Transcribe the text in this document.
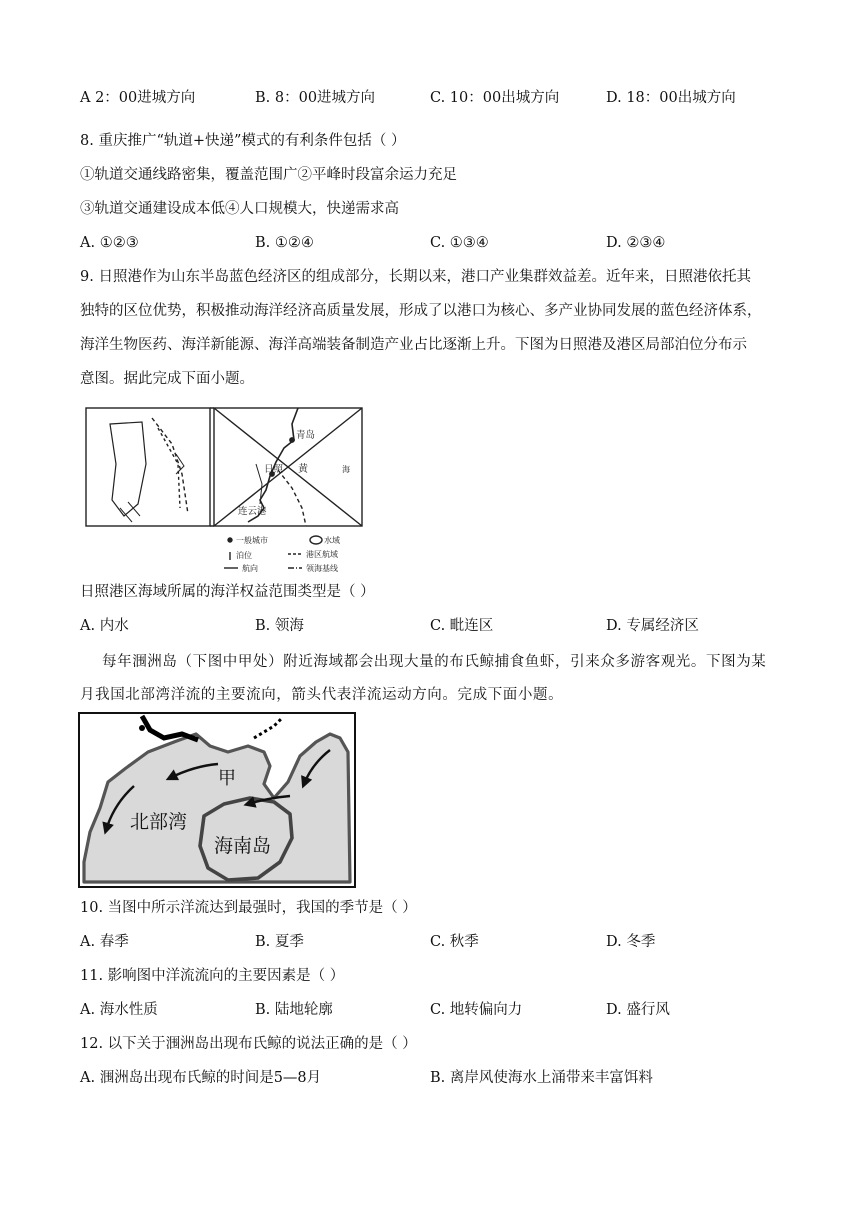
A 2：00进城方向	B. 8：00进城方向	C. 10：00出城方向	D. 18：00出城方向
8. 重庆推广“轨道+快递”模式的有利条件包括（ ）
①轨道交通线路密集，覆盖范围广②平峰时段富余运力充足
③轨道交通建设成本低④人口规模大，快递需求高
A. ①②③	B. ①②④	C. ①③④	D. ②③④
9. 日照港作为山东半岛蓝色经济区的组成部分，长期以来，港口产业集群效益差。近年来，日照港依托其
独特的区位优势，积极推动海洋经济高质量发展，形成了以港口为核心、多产业协同发展的蓝色经济体系，
海洋生物医药、海洋新能源、海洋高端装备制造产业占比逐渐上升。下图为日照港及港区局部泊位分布示
意图。据此完成下面小题。
青岛
日照 黄	海
连云港
一般城市	水域
泊位	港区航域
航向	领海基线
日照港区海域所属的海洋权益范围类型是（ ）
A. 内水	B. 领海	C. 毗连区	D. 专属经济区
每年涠洲岛（下图中甲处）附近海域都会出现大量的布氏鲸捕食鱼虾，引来众多游客观光。下图为某
月我国北部湾洋流的主要流向，箭头代表洋流运动方向。完成下面小题。
甲
北部湾
海南岛
10. 当图中所示洋流达到最强时，我国的季节是（ ）
A. 春季	B. 夏季	C. 秋季	D. 冬季
11. 影响图中洋流流向的主要因素是（ ）
A. 海水性质	B. 陆地轮廓	C. 地转偏向力	D. 盛行风
12. 以下关于涠洲岛出现布氏鲸的说法正确的是（ ）
A. 涠洲岛出现布氏鲸的时间是5—8月	B. 离岸风使海水上涌带来丰富饵料
